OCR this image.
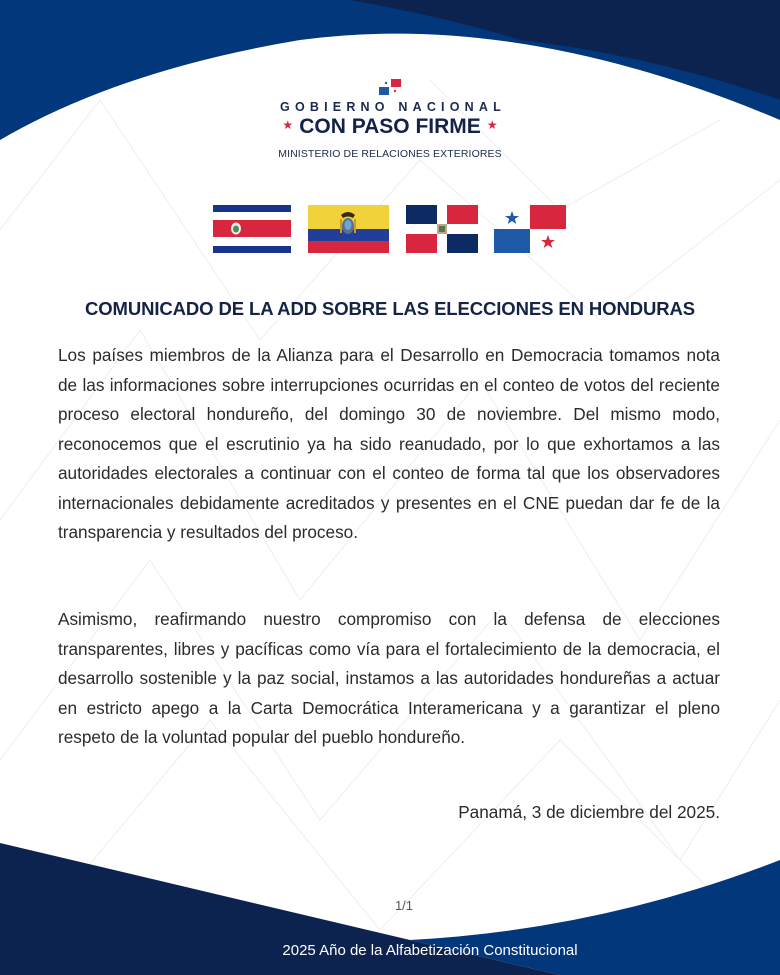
GOBIERNO NACIONAL
★ CON PASO FIRME ★
MINISTERIO DE RELACIONES EXTERIORES
COMUNICADO DE LA ADD SOBRE LAS ELECCIONES EN HONDURAS
Los países miembros de la Alianza para el Desarrollo en Democracia tomamos nota de las informaciones sobre interrupciones ocurridas en el conteo de votos del reciente proceso electoral hondureño, del domingo 30 de noviembre. Del mismo modo, reconocemos que el escrutinio ya ha sido reanudado, por lo que exhortamos a las autoridades electorales a continuar con el conteo de forma tal que los observadores internacionales debidamente acreditados y presentes en el CNE puedan dar fe de la transparencia y resultados del proceso.
Asimismo, reafirmando nuestro compromiso con la defensa de elecciones transparentes, libres y pacíficas como vía para el fortalecimiento de la democracia, el desarrollo sostenible y la paz social, instamos a las autoridades hondureñas a actuar en estricto apego a la Carta Democrática Interamericana y a garantizar el pleno respeto de la voluntad popular del pueblo hondureño.
Panamá, 3 de diciembre del 2025.
1/1
2025 Año de la Alfabetización Constitucional
